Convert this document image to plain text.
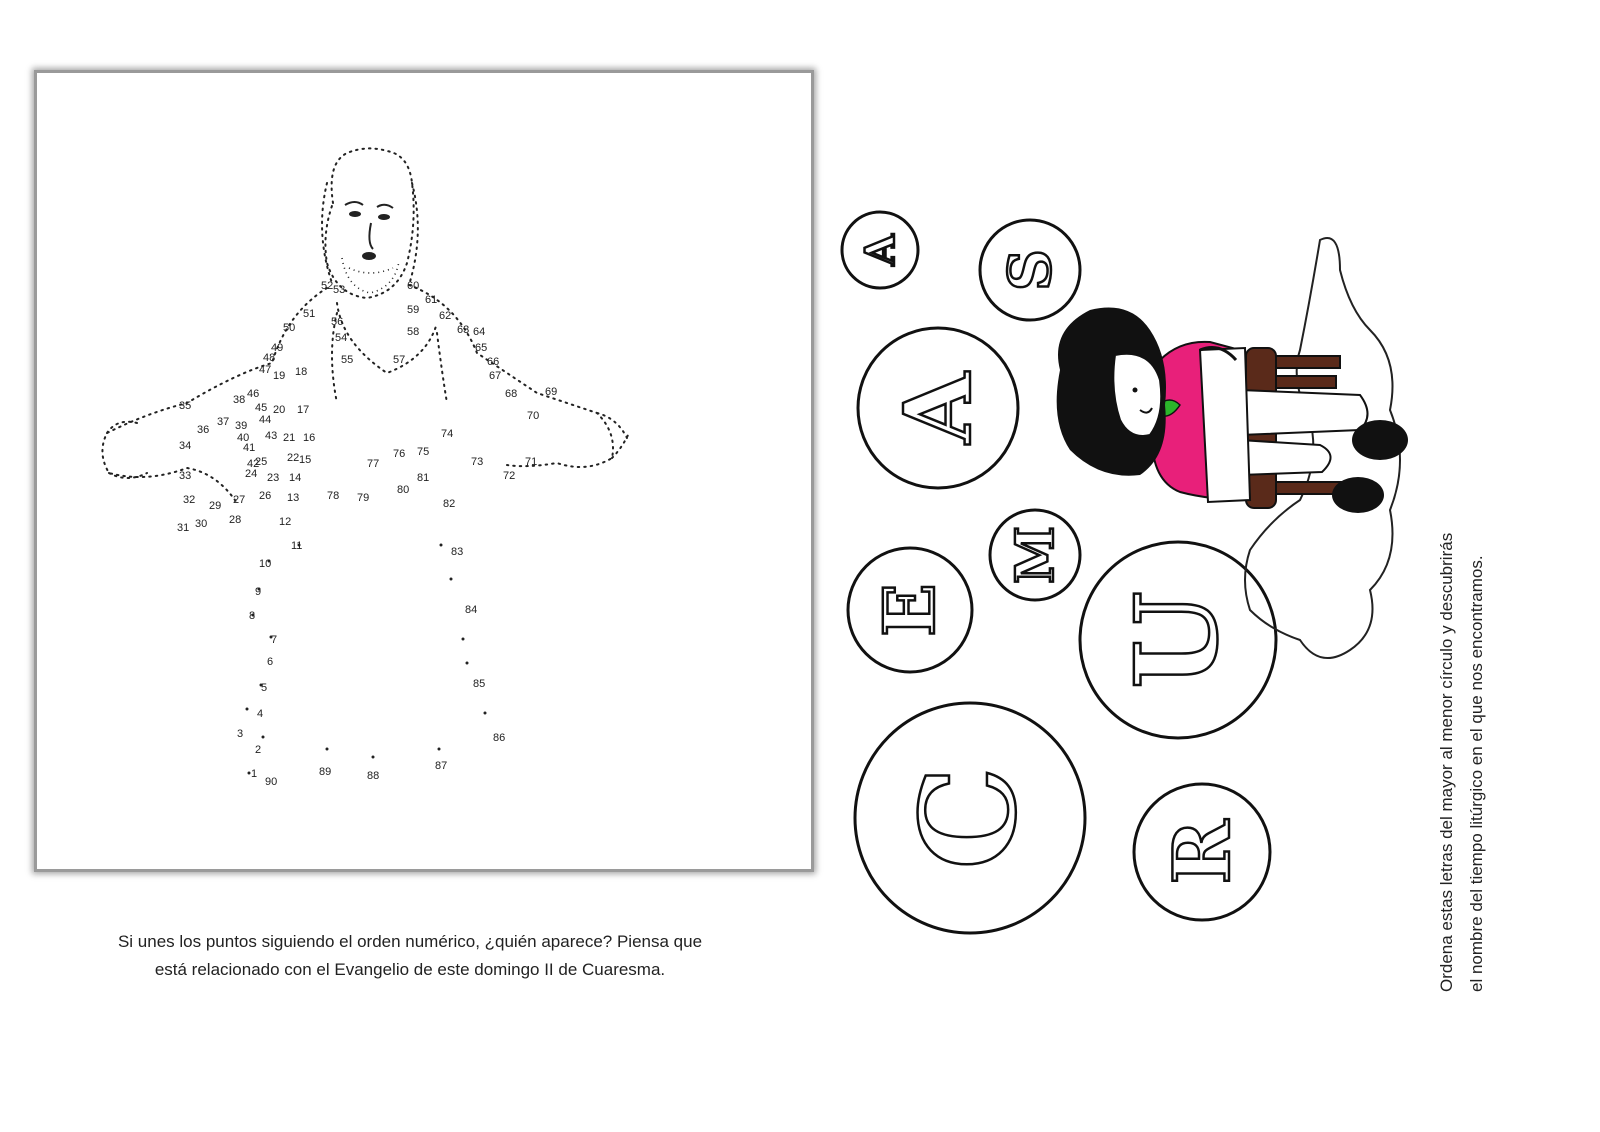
1
2
3
4
5
6
7
8
9
10
11
12
13
14
15
16
17
18
19
20
21
22
23
24
25
26
27
28
29
30
31
32
33
34
35
36
37
38
39
40
41
42
43
44
45
46
47
48
49
50
51
52 53
54
55
56
57
58
59
60
61
62
63 64
65
66
67
68	69
70
71
72
73
74
75
76
77
78 79
80
81
82
83
84
85
86
87
88
89
90
Si unes los puntos siguiendo el orden numérico, ¿quién aparece? Piensa que
está relacionado con el Evangelio de este domingo II de Cuaresma.
A S
A
M
E U
C R	Ordena estas letras del mayor al menor círculo y descubrirás el nombre del tiempo litúrgico en el que nos encontramos.
